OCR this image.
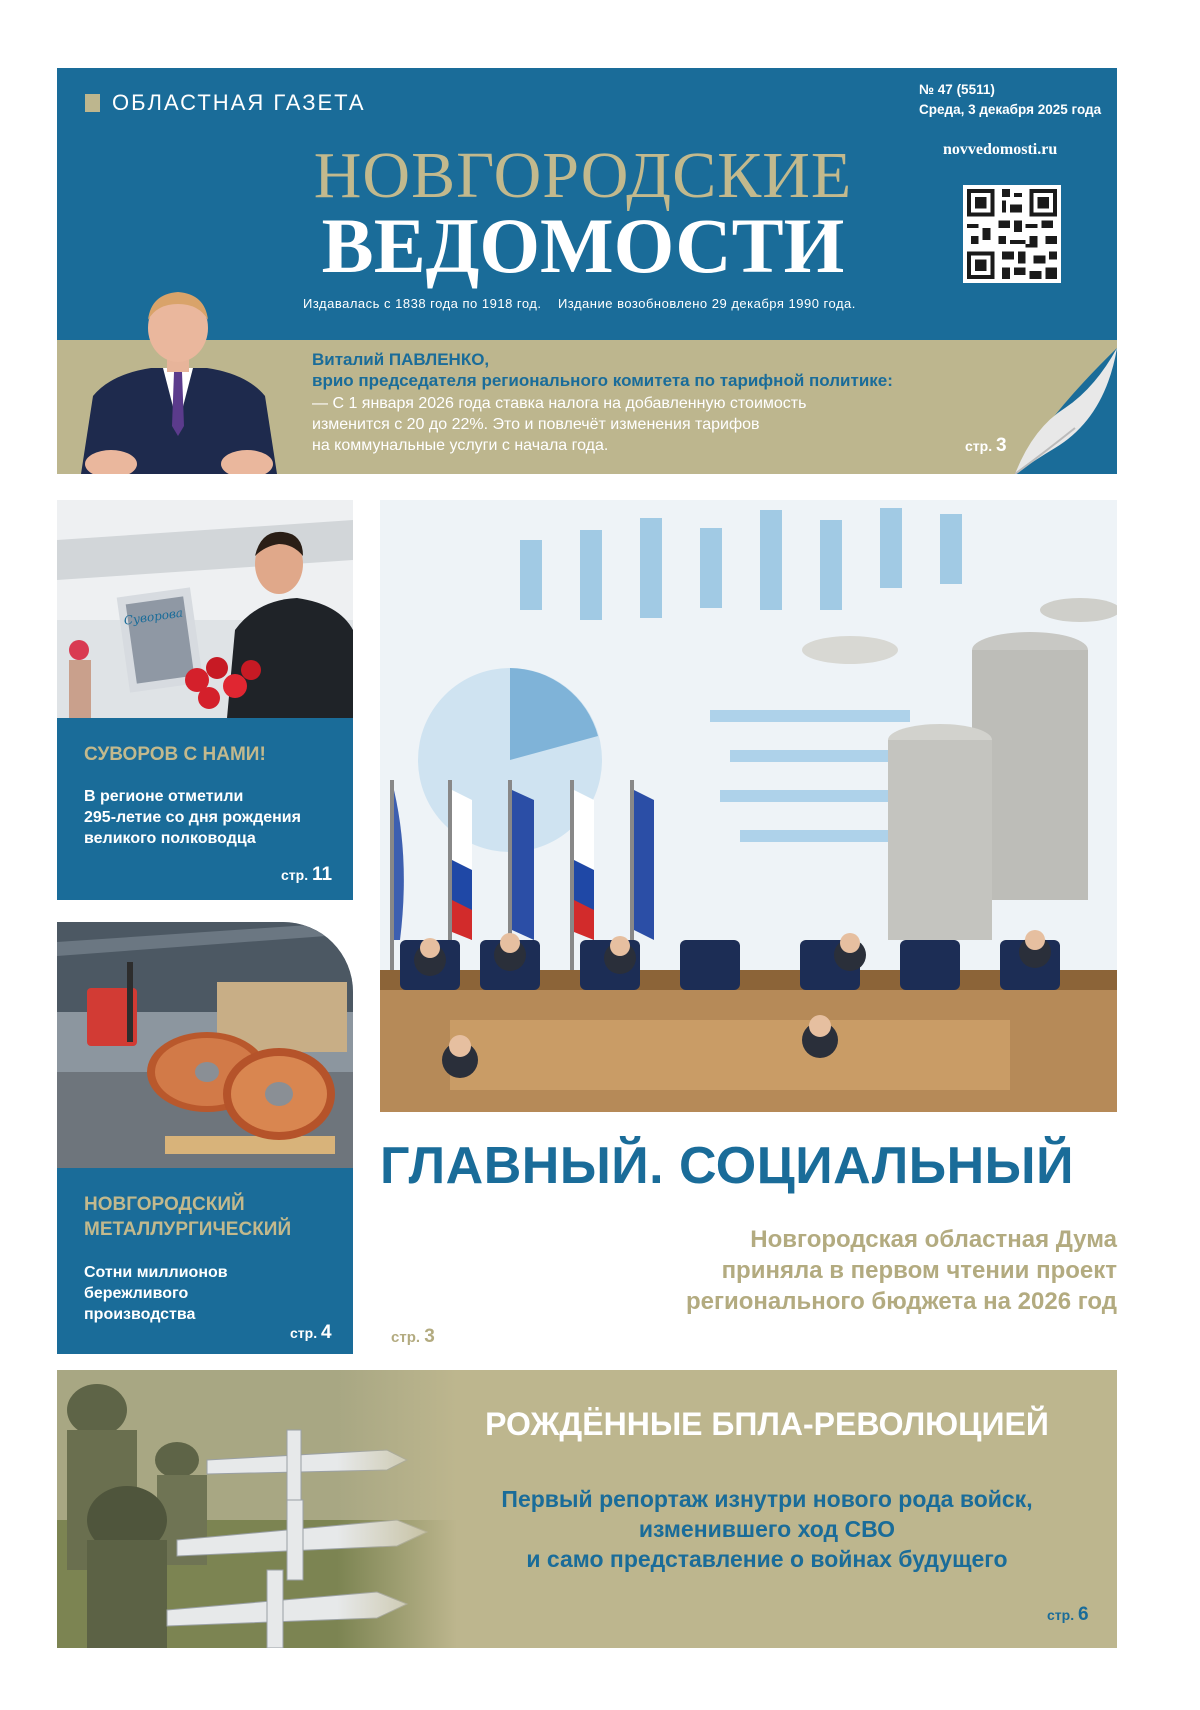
ОБЛАСТНАЯ ГАЗЕТА
№ 47 (5511)
Среда, 3 декабря 2025 года
novvedomosti.ru
НОВГОРОДСКИЕ
ВЕДОМОСТИ
Издавалась с 1838 года по 1918 год.    Издание возобновлено 29 декабря 1990 года.
Виталий ПАВЛЕНКО,
врио председателя регионального комитета по тарифной политике:
— С 1 января 2026 года ставка налога на добавленную стоимость
изменится с 20 до 22%. Это и повлечёт изменения тарифов
на коммунальные услуги с начала года.	стр. 3
Суворова
СУВОРОВ С НАМИ!
В регионе отметили
295-летие со дня рождения
великого полководца
стр. 11
НОВГОРОДСКИЙ
МЕТАЛЛУРГИЧЕСКИЙ
Сотни миллионов
бережливого
производства
стр. 4
ГЛАВНЫЙ. СОЦИАЛЬНЫЙ
Новгородская областная Дума
приняла в первом чтении проект
регионального бюджета на 2026 год
стр. 3
РОЖДЁННЫЕ БПЛА-РЕВОЛЮЦИЕЙ
Первый репортаж изнутри нового рода войск,
изменившего ход СВО
и само представление о войнах будущего
стр. 6
